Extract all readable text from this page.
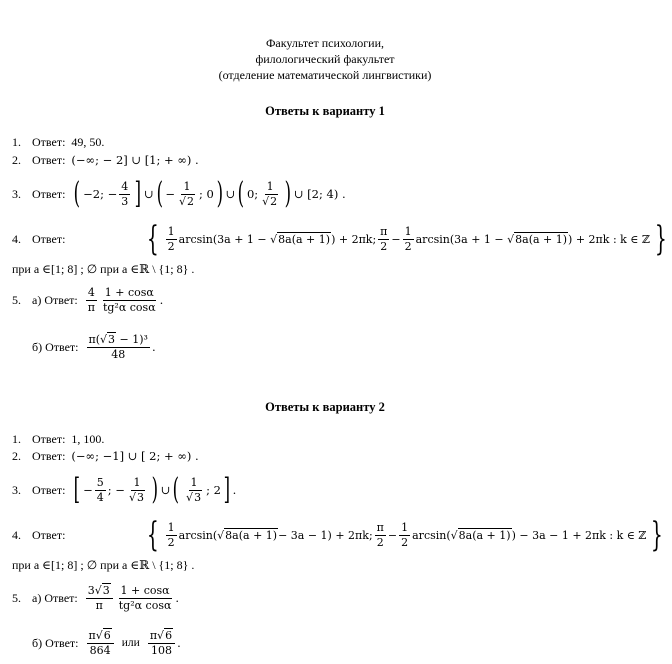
Факультет психологии,
филологический факультет
(отделение математической лингвистики)
Ответы к варианту 1
1. Ответ: 49, 50.
2. Ответ: (−∞; − 2] ∪ [1; + ∞) .
3. Ответ: ( −2; − $\frac{4}{3}$ ] ∪ ( − $\frac{1}{√2}$ ; 0 ) ∪ ( 0; $\frac{1}{√2}$ ) ∪ [2; 4) .
4. Ответ: { $\frac{1}{2} \arcsin(3a + 1$ − √ 8a(a + 1) ) + 2πk; $\frac{\pi}{2} - \frac{1}{2} \arcsin(3a + 1$ − √ 8a(a + 1) ) + 2πk : k ∈ ℤ }
при a ∈[1; 8] ; ∅ при a ∈ℝ \ {1; 8} .
5. а) Ответ: $\frac{4}{\pi} \frac{1 + \cos\alpha}{\text{tg²α cosα}}$ .
б) Ответ: $\frac{\text{π(√3 − 1)³}}{48}$ .
Ответы к варианту 2
1. Ответ: 1, 100.
2. Ответ: (−∞; −1] ∪ [ 2; + ∞) .
3. Ответ: [ − $\frac{5}{4}$ ; − $\frac{1}{√3}$ ) ∪ ( $\frac{1}{√3}$ ; 2 ] .
4. Ответ: { $\frac{1}{2} \arcsin(√$ 8a(a + 1) − 3a − 1) + 2πk; $\frac{\pi}{2} - \frac{1}{2} \arcsin(√$ 8a(a + 1) ) − 3a − 1 + 2πk : k ∈ ℤ }
при a ∈[1; 8] ; ∅ при a ∈ℝ \ {1; 8} .
5. а) Ответ: $\frac{3√3}{\pi} \frac{1 + \cos\alpha}{\text{tg²α cosα}}$ .
б) Ответ: $\frac{\pi√6}{864}$ или $\frac{\pi√6}{108}$ .
